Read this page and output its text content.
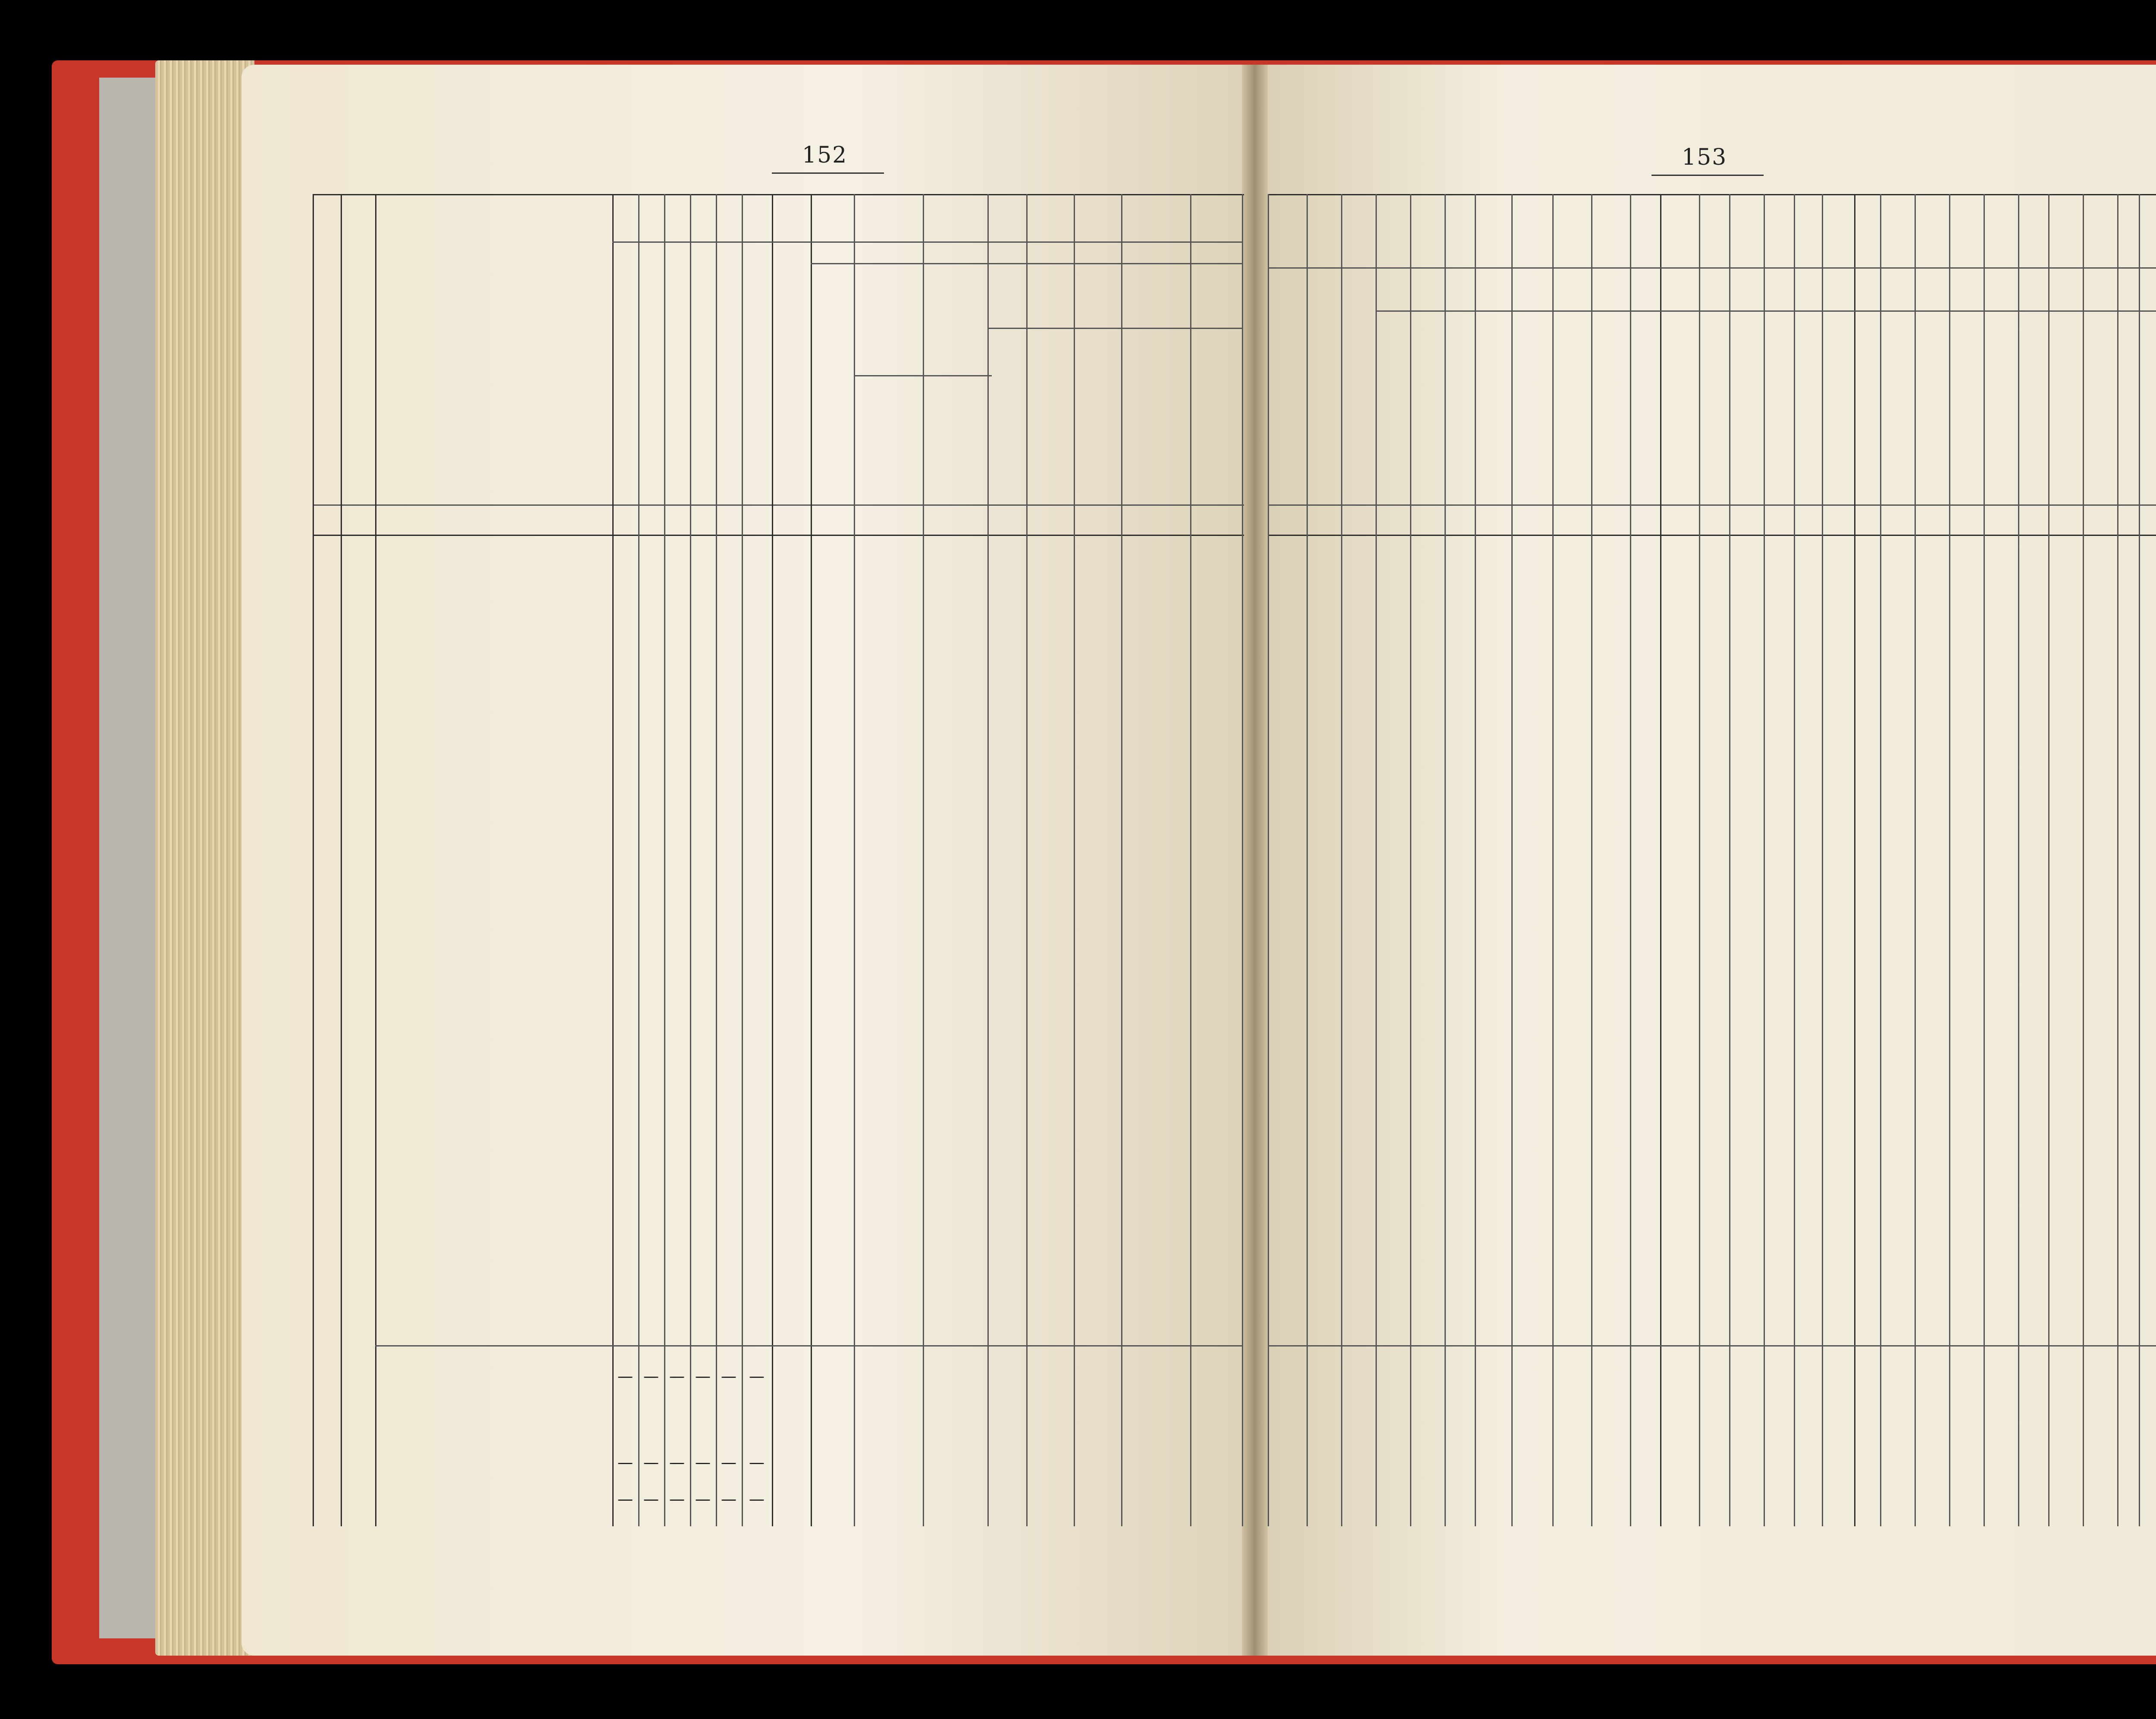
152	153
— — — — — —
— — — — — —
— — — — — —
